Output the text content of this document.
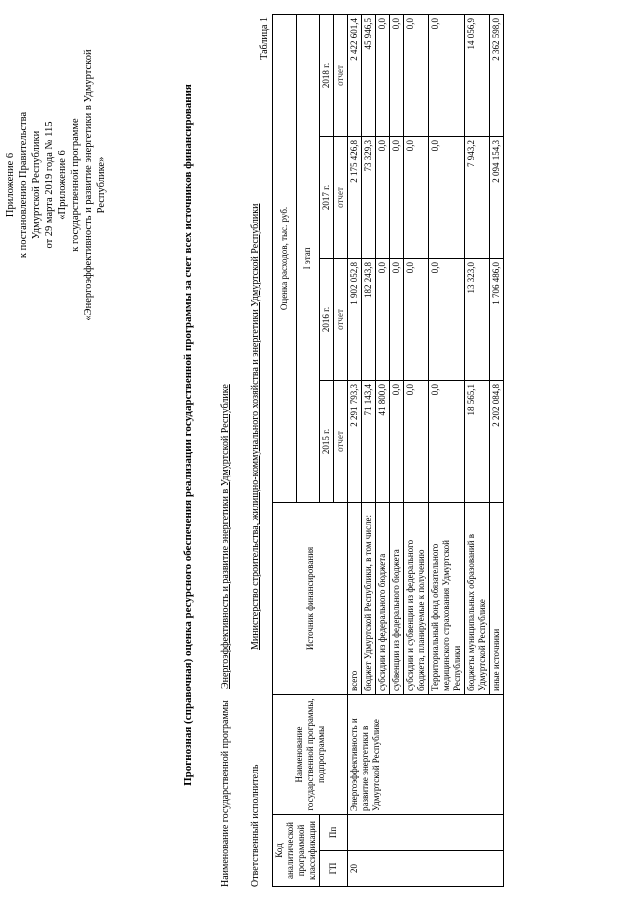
Приложение 6 к постановлению Правительства Удмуртской Республики от 29 марта 2019 года № 115 «Приложение 6 к государственной программе «Энергоэффективность и развитие энергетики в Удмуртской Республике»	Прогнозная (справочная) оценка ресурсного обеспечения реализации государственной программы за счет всех источников финансирования
Наименование государственной программы
Энергоэффективность и развитие энергетики в Удмуртской Республике
Ответственный исполнитель
Министерство строительства, жилищно-коммунального хозяйства и энергетики Удмуртской Республики
Таблица 1
Код аналитической программной классификации		Наименование государственной программы, подпрограммы	Источник финансирования	Оценка расходов, тыс. руб.			
				I этап			
ГП	Пп			2015 г.	2016 г.	2017 г.	2018 г.
				отчет	отчет	отчет	отчет
20		Энергоэффективность и развитие энергетики в Удмуртской Республике	всего	2 291 793,3	1 902 052,8	2 175 426,8	2 422 601,4
			бюджет Удмуртской Республики, в том числе:	71 143,4	182 243,8	73 329,3	45 946,5
			субсидии из федерального бюджета	41 800,0	0,0	0,0	0,0
			субвенции из федерального бюджета	0,0	0,0	0,0	0,0
			субсидии и субвенции из федерального бюджета, планируемые к получению	0,0	0,0	0,0	0,0
			Территориальный фонд обязательного медицинского страхования Удмуртской Республики	0,0	0,0	0,0	0,0
			бюджеты муниципальных образований в Удмуртской Республике	18 565,1	13 323,0	7 943,2	14 056,9
			иные источники	2 202 084,8	1 706 486,0	2 094 154,3	2 362 598,0
